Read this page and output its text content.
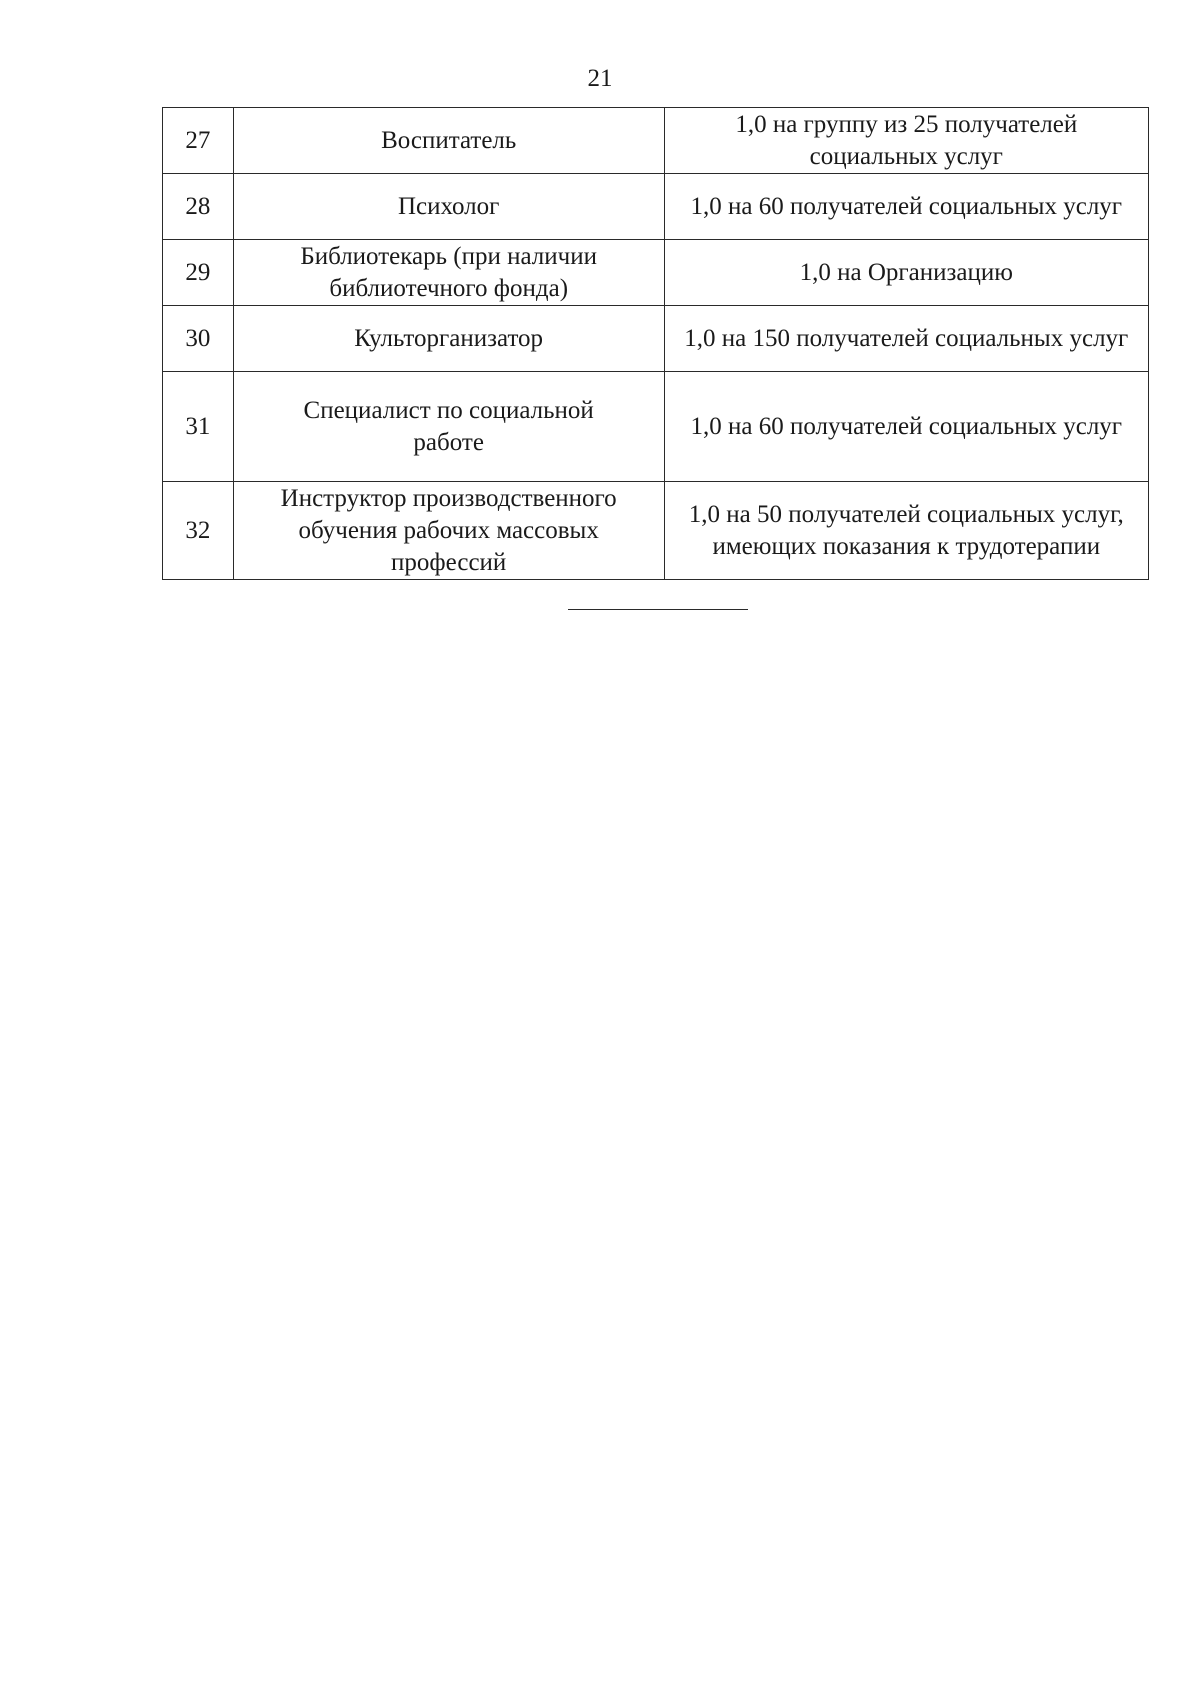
21
27	Воспитатель	1,0 на группу из 25 получателей социальных услуг
28	Психолог	1,0 на 60 получателей социальных услуг
29	Библиотекарь (при наличии библиотечного фонда)	1,0 на Организацию
30	Культорганизатор	1,0 на 150 получателей социальных услуг
31	Специалист по социальной работе	1,0 на 60 получателей социальных услуг
32	Инструктор производственного обучения рабочих массовых профессий	1,0 на 50 получателей социальных услуг, имеющих показания к трудотерапии
